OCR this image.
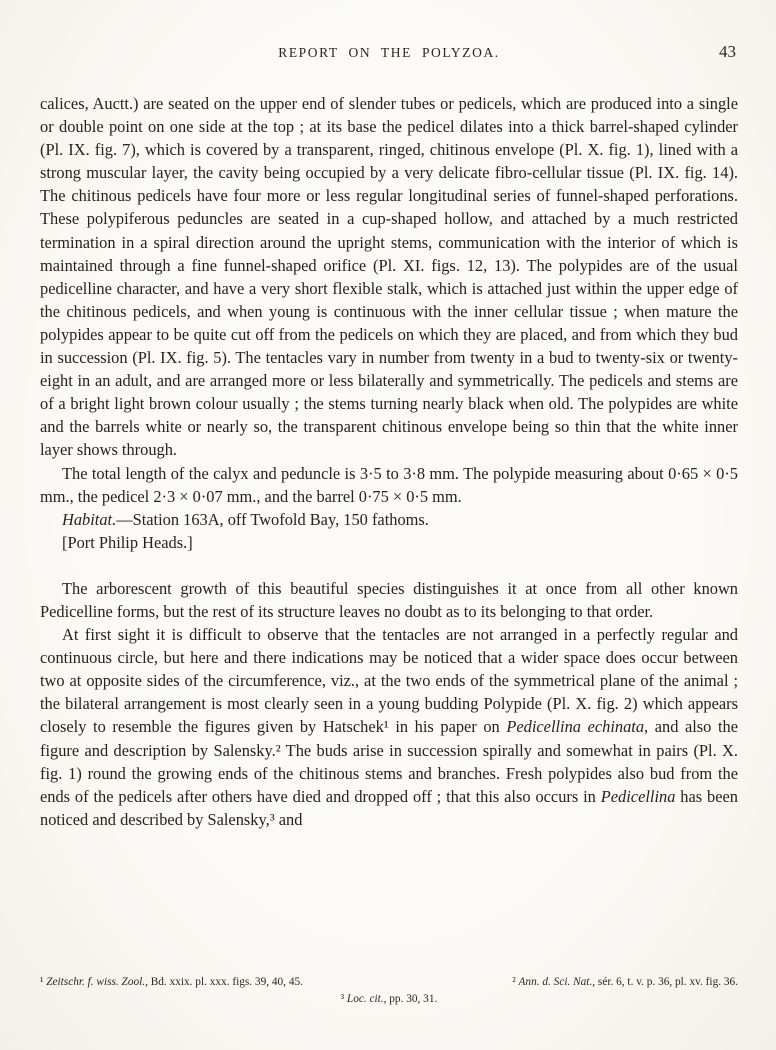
REPORT ON THE POLYZOA.	43

calices, Auctt.) are seated on the upper end of slender tubes or pedicels, which are produced into a single or double point on one side at the top ; at its base the pedicel dilates into a thick barrel-shaped cylinder (Pl. IX. fig. 7), which is covered by a transparent, ringed, chitinous envelope (Pl. X. fig. 1), lined with a strong muscular layer, the cavity being occupied by a very delicate fibro-cellular tissue (Pl. IX. fig. 14). The chitinous pedicels have four more or less regular longitudinal series of funnel-shaped perforations. These polypiferous peduncles are seated in a cup-shaped hollow, and attached by a much restricted termination in a spiral direction around the upright stems, communication with the interior of which is maintained through a fine funnel-shaped orifice (Pl. XI. figs. 12, 13). The polypides are of the usual pedicelline character, and have a very short flexible stalk, which is attached just within the upper edge of the chitinous pedicels, and when young is continuous with the inner cellular tissue ; when mature the polypides appear to be quite cut off from the pedicels on which they are placed, and from which they bud in succession (Pl. IX. fig. 5). The tentacles vary in number from twenty in a bud to twenty-six or twenty-eight in an adult, and are arranged more or less bilaterally and symmetrically. The pedicels and stems are of a bright light brown colour usually ; the stems turning nearly black when old. The polypides are white and the barrels white or nearly so, the transparent chitinous envelope being so thin that the white inner layer shows through.

The total length of the calyx and peduncle is 3·5 to 3·8 mm. The polypide measuring about 0·65 × 0·5 mm., the pedicel 2·3 × 0·07 mm., and the barrel 0·75 × 0·5 mm.

Habitat.—Station 163A, off Twofold Bay, 150 fathoms.

[Port Philip Heads.]

The arborescent growth of this beautiful species distinguishes it at once from all other known Pedicelline forms, but the rest of its structure leaves no doubt as to its belonging to that order.

At first sight it is difficult to observe that the tentacles are not arranged in a perfectly regular and continuous circle, but here and there indications may be noticed that a wider space does occur between two at opposite sides of the circumference, viz., at the two ends of the symmetrical plane of the animal ; the bilateral arrangement is most clearly seen in a young budding Polypide (Pl. X. fig. 2) which appears closely to resemble the figures given by Hatschek¹ in his paper on Pedicellina echinata, and also the figure and description by Salensky.² The buds arise in succession spirally and somewhat in pairs (Pl. X. fig. 1) round the growing ends of the chitinous stems and branches. Fresh polypides also bud from the ends of the pedicels after others have died and dropped off ; that this also occurs in Pedicellina has been noticed and described by Salensky,³ and

¹ Zeitschr. f. wiss. Zool., Bd. xxix. pl. xxx. figs. 39, 40, 45.	² Ann. d. Sci. Nat., sér. 6, t. v. p. 36, pl. xv. fig. 36.
³ Loc. cit., pp. 30, 31.
